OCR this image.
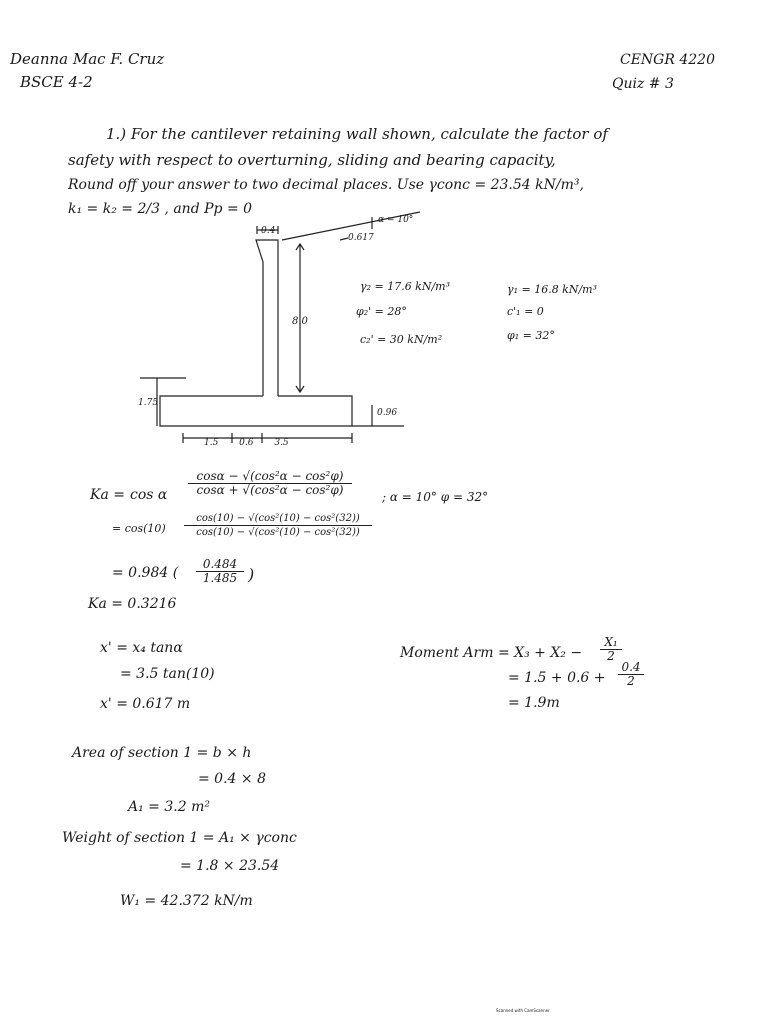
Deanna Mac F. Cruz
BSCE 4-2
CENGR 4220
Quiz # 3
1.) For the cantilever retaining wall shown, calculate the factor of
safety with respect to overturning, sliding and bearing capacity,
Round off your answer to two decimal places. Use γconc = 23.54 kN/m³,
k₁ = k₂ = 2/3 , and Pp = 0
0.4
α = 10°
0.617
8.0
1.75
0.96
1.5 0.6 3.5
γ₂ = 17.6 kN/m³
φ₂' = 28°
c₂' = 30 kN/m²
γ₁ = 16.8 kN/m³
c'₁ = 0
φ₁ = 32°
Ka = cos α $\frac{\text{cosα − √(cos²α − cos²φ)}}{\text{cosα + √(cos²α − cos²φ)}}$	; α = 10° φ = 32°
= $\cos(10) \frac{\text{cos(10) − √(cos²(10) − cos²(32))}}{\text{cos(10) − √(cos²(10) − cos²(32))}}$
= 0.984 ( $\frac{0.484}{1.485}$ )
Ka = 0.3216
x' = x₄ tanα
= 3.5 tan(10)
x' = 0.617 m
Moment Arm = $X_3 + X_2 - \frac{\text{X₁}}{2}$
= $1.5 + 0.6 + \frac{0.4}{2}$
= 1.9m
Area of section 1 = b × h
= 0.4 × 8
A₁ = 3.2 m²
Weight of section 1 = A₁ × γconc
= 1.8 × 23.54
W₁ = 42.372 kN/m
Scanned with CamScanner
